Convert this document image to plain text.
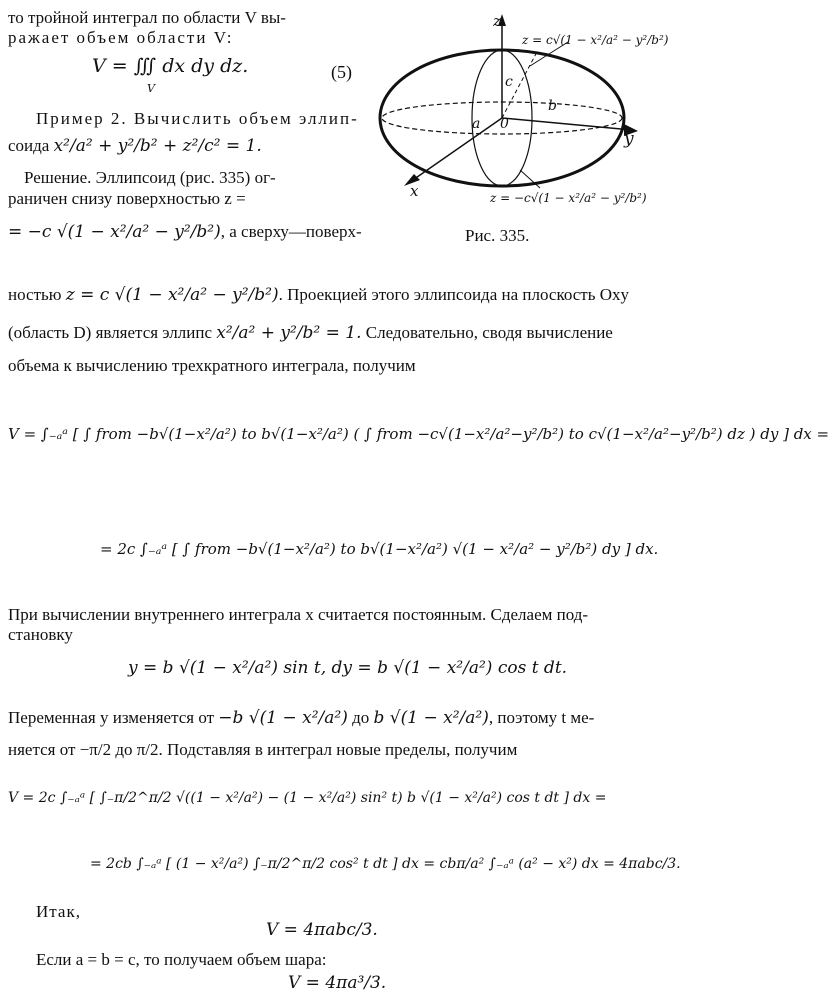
то тройной интеграл по области V вы-
ражает объем области V:
V = ∭ dx dy dz.
V
(5)
Пример 2. Вычислить объем эллип-
соида x²/a² + y²/b² + z²/c² = 1.
Решение. Эллипсоид (рис. 335) ог-
раничен снизу поверхностью z =
= −c √(1 − x²/a² − y²/b²), а сверху—поверх-
z
y
x
a 0
b
c
z = c√(1 − x²/a² − y²/b²)
z = −c√(1 − x²/a² − y²/b²)
Рис. 335.
ностью z = c √(1 − x²/a² − y²/b²). Проекцией этого эллипсоида на плоскость Oxy
(область D) является эллипс x²/a² + y²/b² = 1. Следовательно, сводя вычисление
объема к вычислению трехкратного интеграла, получим
V = ∫₋ₐᵃ [ ∫ from −b√(1−x²/a²) to b√(1−x²/a²) ( ∫ from −c√(1−x²/a²−y²/b²) to c√(1−x²/a²−y²/b²) dz ) dy ] dx =
= 2c ∫₋ₐᵃ [ ∫ from −b√(1−x²/a²) to b√(1−x²/a²) √(1 − x²/a² − y²/b²) dy ] dx.
При вычислении внутреннего интеграла x считается постоянным. Сделаем под-
становку
y = b √(1 − x²/a²) sin t, dy = b √(1 − x²/a²) cos t dt.
Переменная y изменяется от −b √(1 − x²/a²) до b √(1 − x²/a²), поэтому t ме-
няется от −π/2 до π/2. Подставляя в интеграл новые пределы, получим
V = 2c ∫₋ₐᵃ [ ∫₋π/2^π/2 √((1 − x²/a²) − (1 − x²/a²) sin² t) b √(1 − x²/a²) cos t dt ] dx =
= 2cb ∫₋ₐᵃ [ (1 − x²/a²) ∫₋π/2^π/2 cos² t dt ] dx = cbπ/a² ∫₋ₐᵃ (a² − x²) dx = 4πabc/3.
Итак,
V = 4πabc/3.
Если a = b = c, то получаем объем шара:
V = 4πa³/3.
